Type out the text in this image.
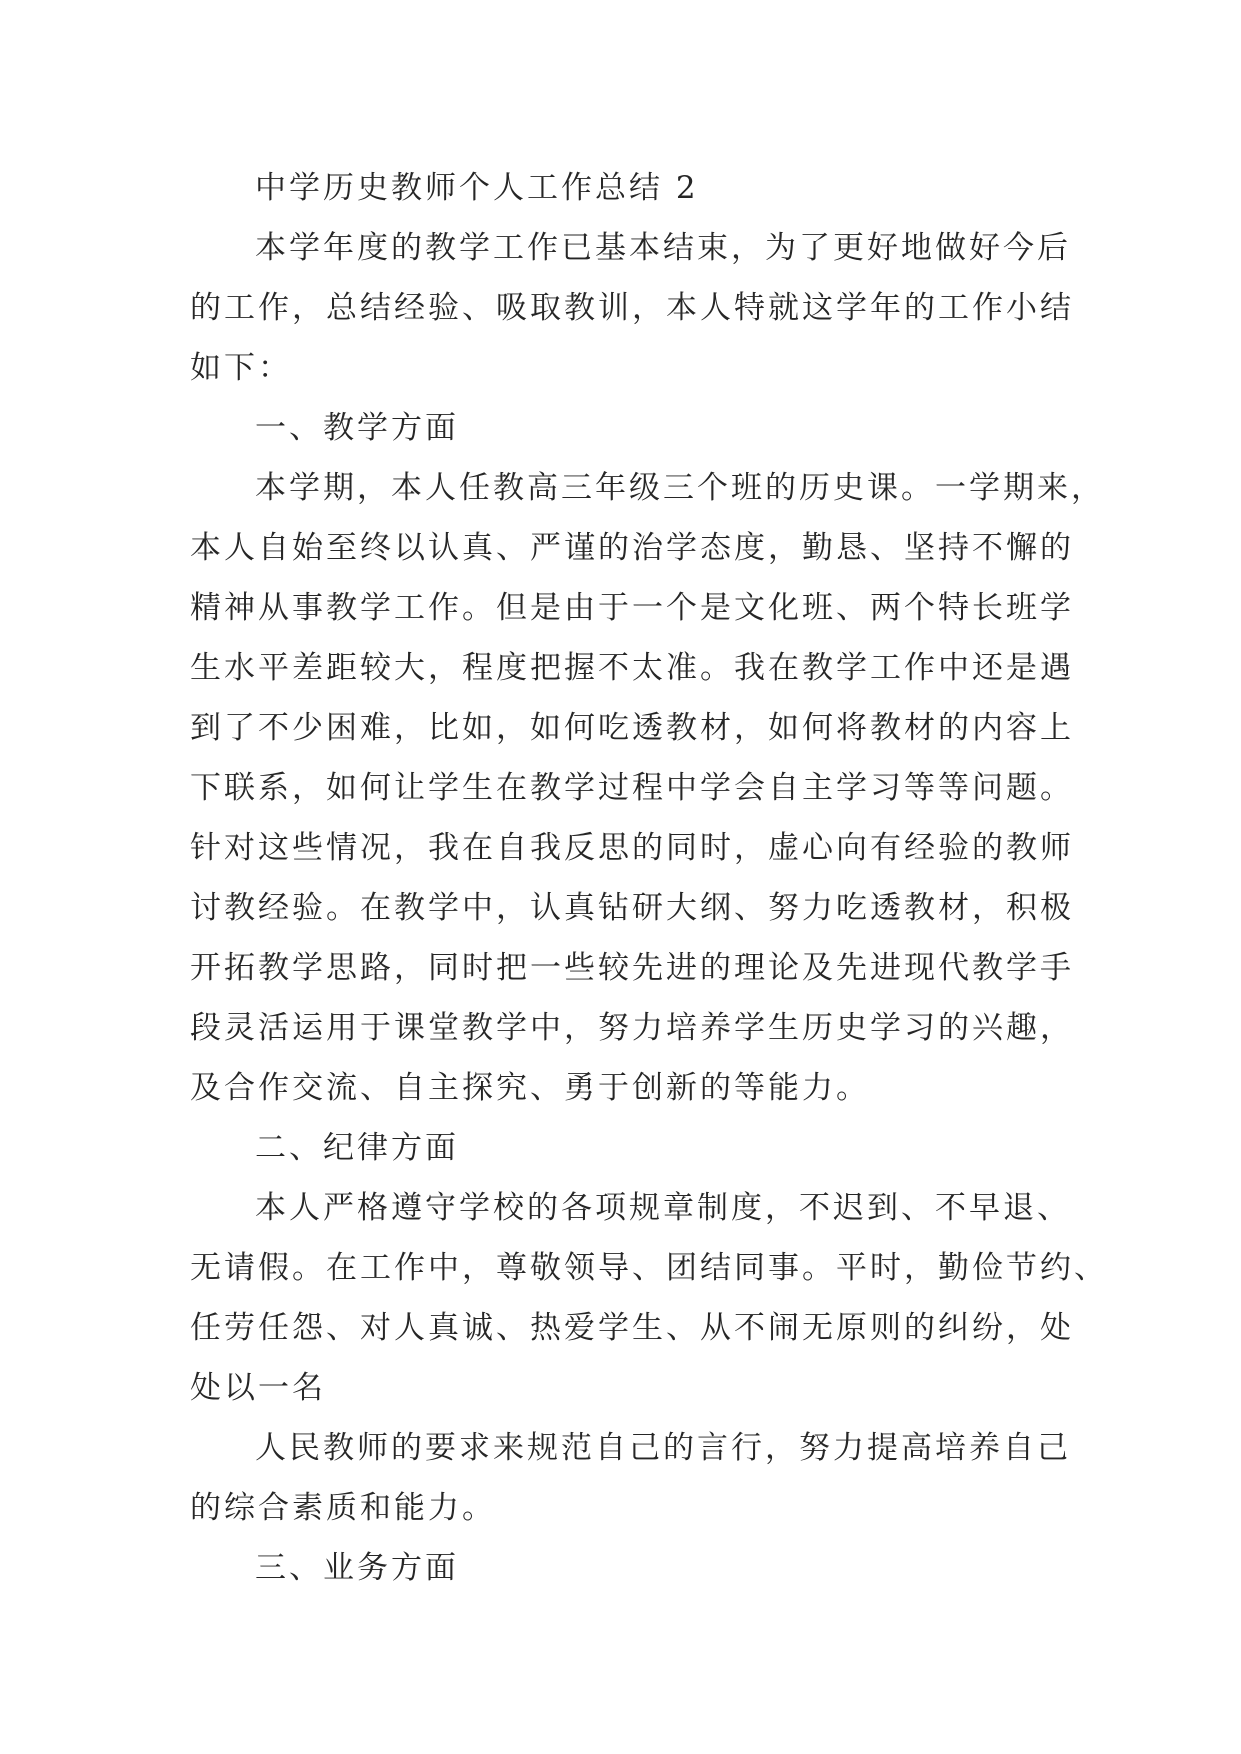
中学历史教师个人工作总结 2
本学年度的教学工作已基本结束，为了更好地做好今后
的工作，总结经验、吸取教训，本人特就这学年的工作小结
如下：
一、教学方面
本学期，本人任教高三年级三个班的历史课。一学期来，
本人自始至终以认真、严谨的治学态度，勤恳、坚持不懈的
精神从事教学工作。但是由于一个是文化班、两个特长班学
生水平差距较大，程度把握不太准。我在教学工作中还是遇
到了不少困难，比如，如何吃透教材，如何将教材的内容上
下联系，如何让学生在教学过程中学会自主学习等等问题。
针对这些情况，我在自我反思的同时，虚心向有经验的教师
讨教经验。在教学中，认真钻研大纲、努力吃透教材，积极
开拓教学思路，同时把一些较先进的理论及先进现代教学手
段灵活运用于课堂教学中，努力培养学生历史学习的兴趣，
及合作交流、自主探究、勇于创新的等能力。
二、纪律方面
本人严格遵守学校的各项规章制度，不迟到、不早退、
无请假。在工作中，尊敬领导、团结同事。平时，勤俭节约、
任劳任怨、对人真诚、热爱学生、从不闹无原则的纠纷，处
处以一名
人民教师的要求来规范自己的言行，努力提高培养自己
的综合素质和能力。
三、业务方面
